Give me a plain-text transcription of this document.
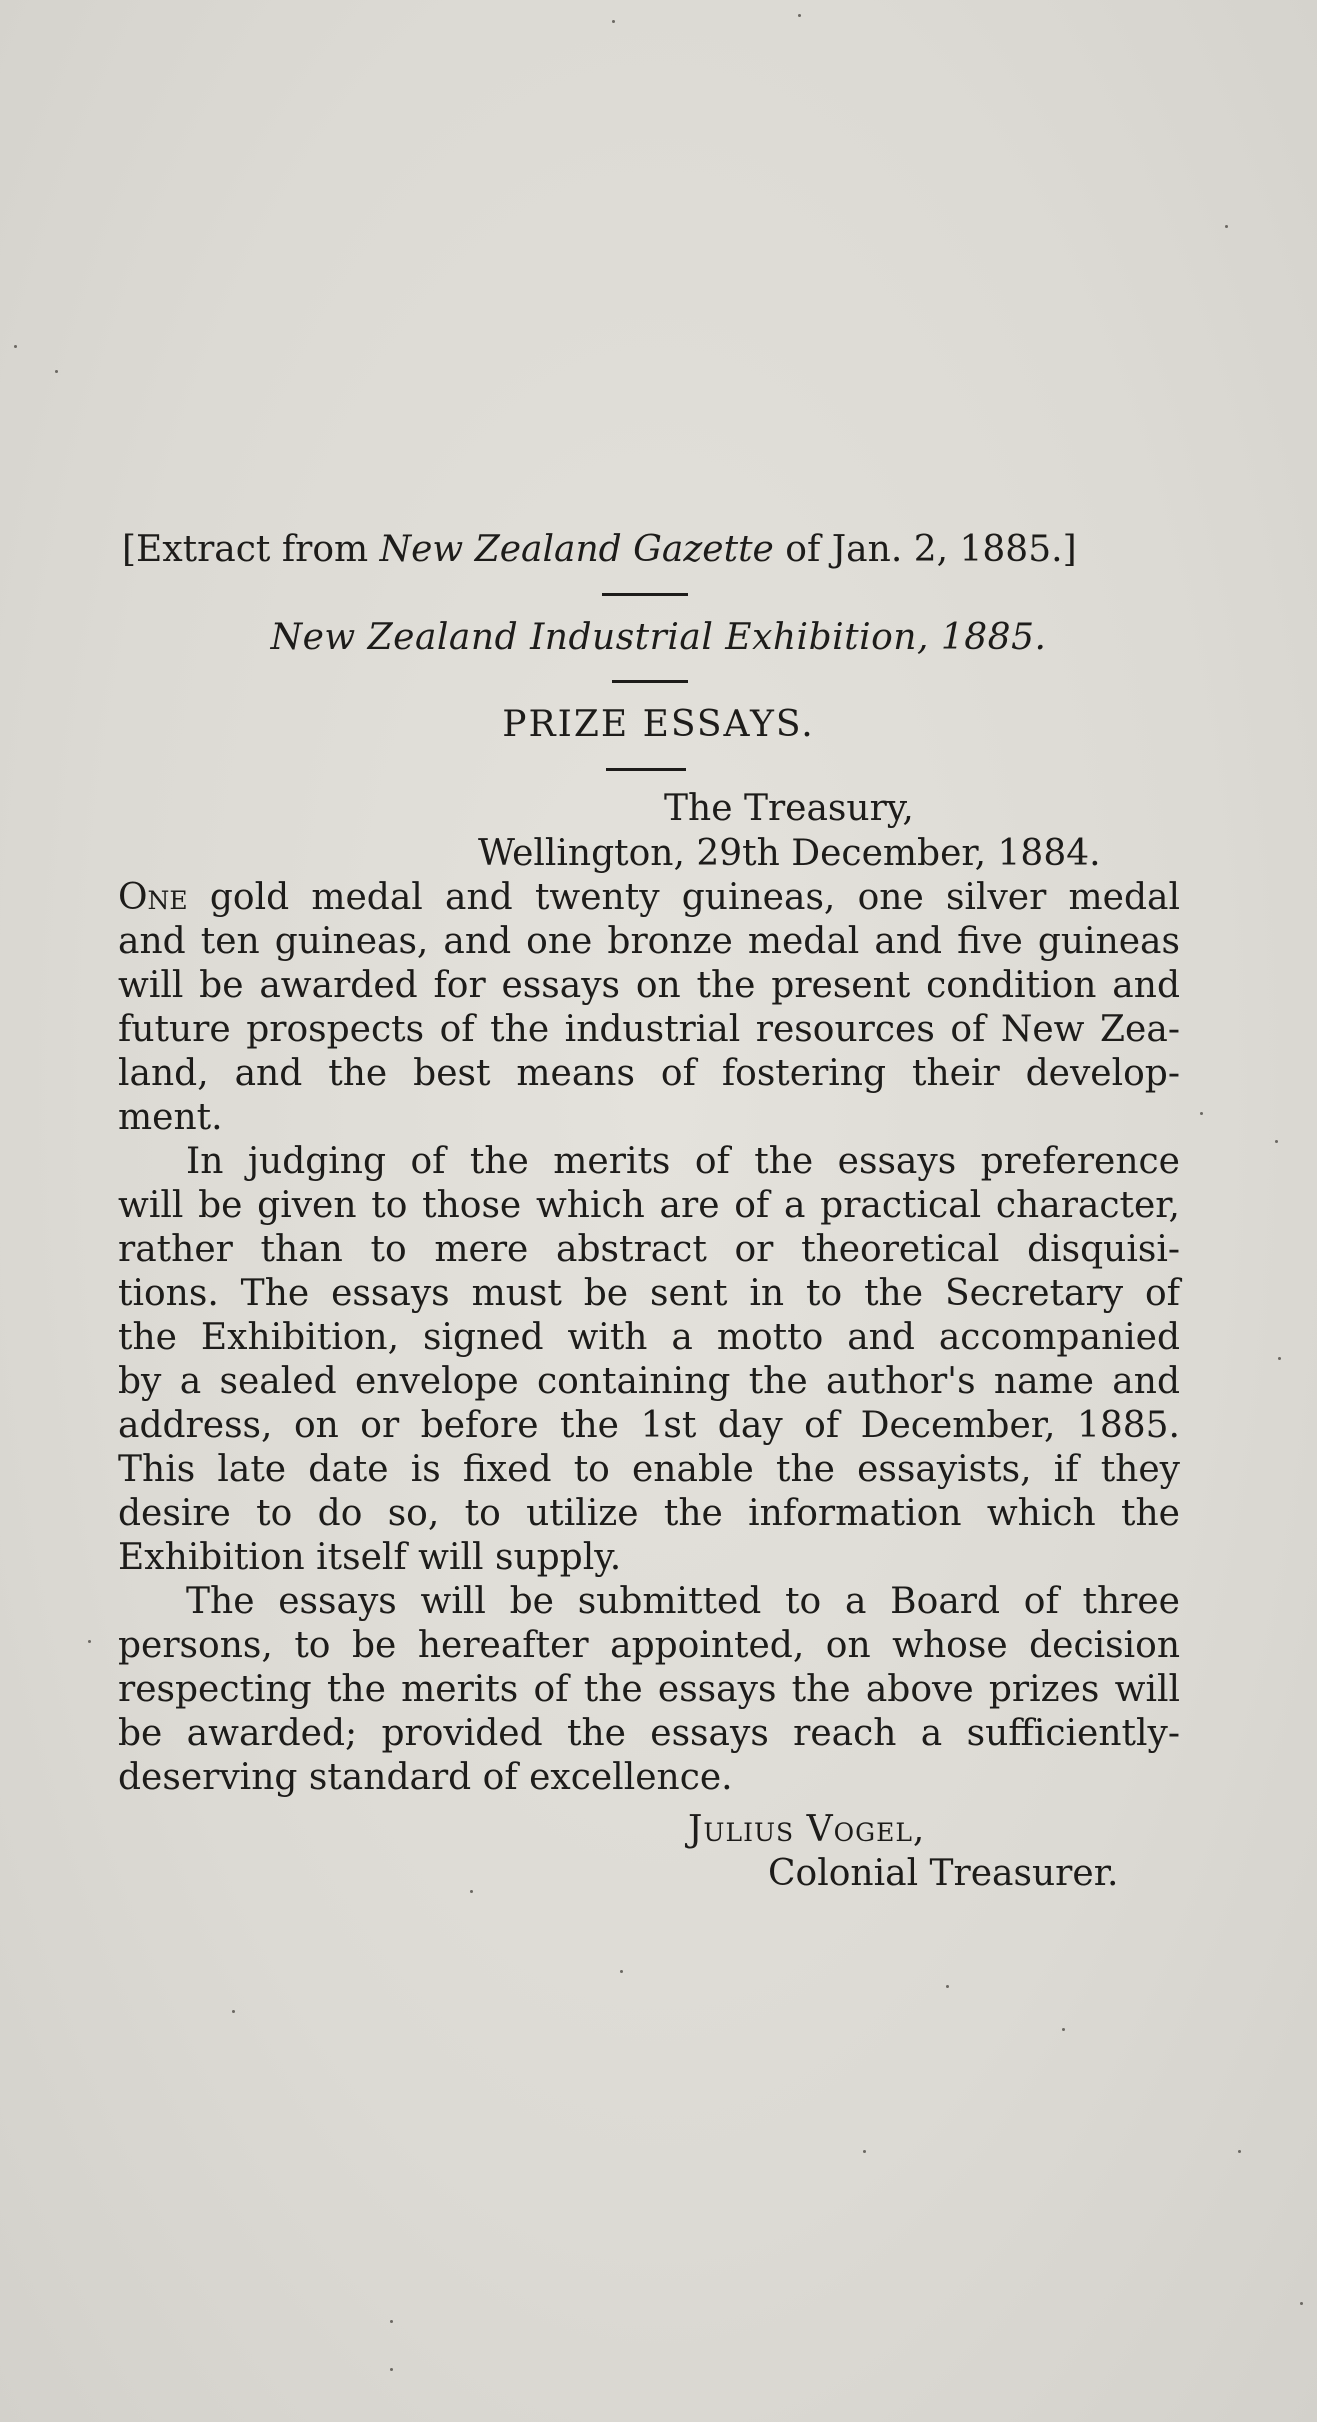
[Extract from New Zealand Gazette of Jan. 2, 1885.]
New Zealand Industrial Exhibition, 1885.
PRIZE ESSAYS.
The Treasury,
Wellington, 29th December, 1884.
One gold medal and twenty guineas, one silver medal
and ten guineas, and one bronze medal and five guineas
will be awarded for essays on the present condition and
future prospects of the industrial resources of New Zea-
land, and the best means of fostering their develop-
ment.
In judging of the merits of the essays preference
will be given to those which are of a practical character,
rather than to mere abstract or theoretical disquisi-
tions. The essays must be sent in to the Secretary of
the Exhibition, signed with a motto and accompanied
by a sealed envelope containing the author's name and
address, on or before the 1st day of December, 1885.
This late date is fixed to enable the essayists, if they
desire to do so, to utilize the information which the
Exhibition itself will supply.
The essays will be submitted to a Board of three
persons, to be hereafter appointed, on whose decision
respecting the merits of the essays the above prizes will
be awarded; provided the essays reach a sufficiently-
deserving standard of excellence.
Julius Vogel,
Colonial Treasurer.
